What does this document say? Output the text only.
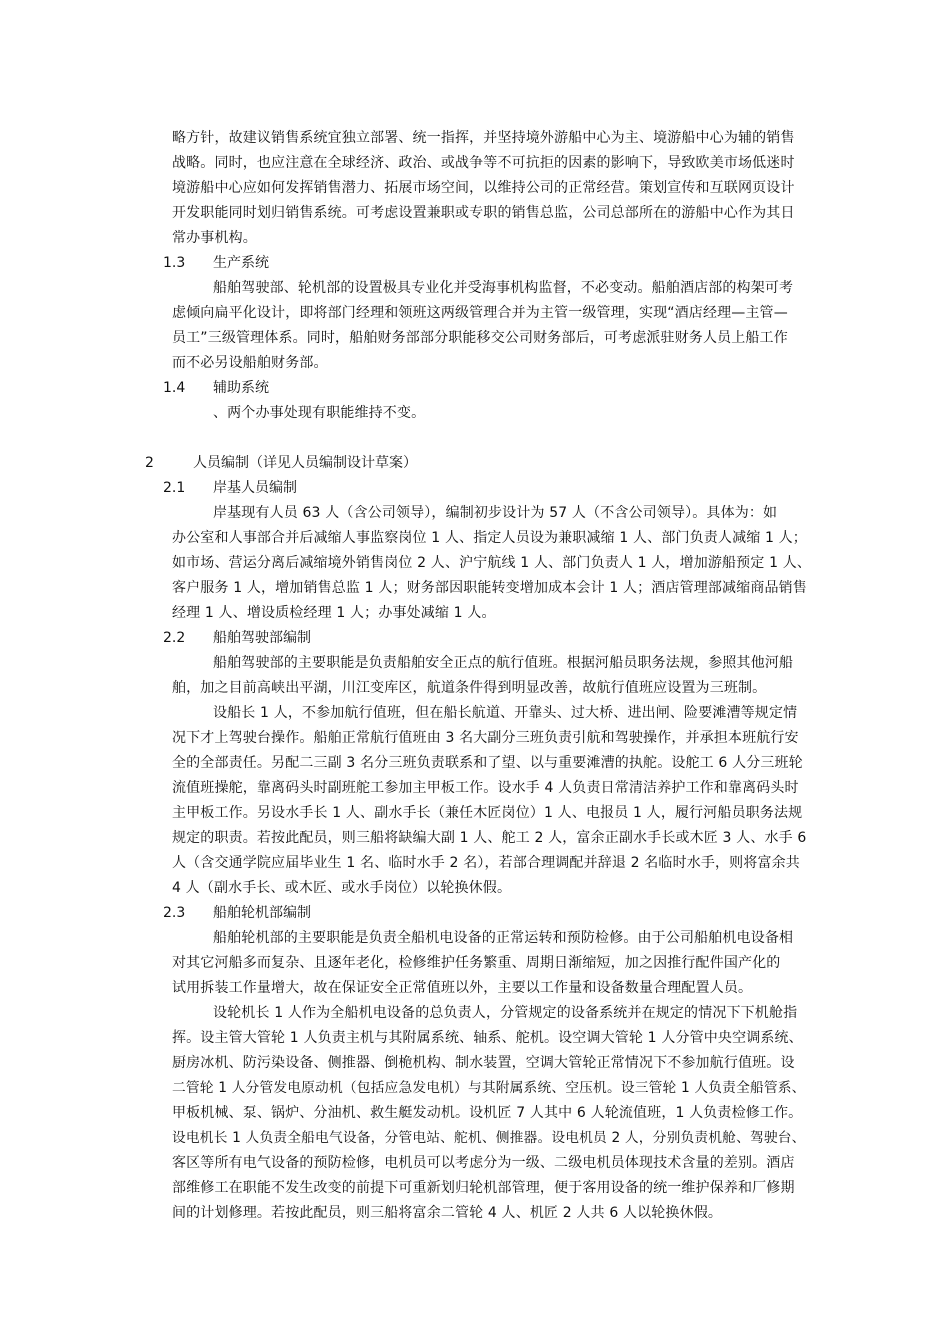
略方针，故建议销售系统宜独立部署、统一指挥，并坚持境外游船中心为主、境游船中心为辅的销售
战略。同时，也应注意在全球经济、政治、或战争等不可抗拒的因素的影响下，导致欧美市场低迷时
境游船中心应如何发挥销售潜力、拓展市场空间，以维持公司的正常经营。策划宣传和互联网页设计
开发职能同时划归销售系统。可考虑设置兼职或专职的销售总监，公司总部所在的游船中心作为其日
常办事机构。
1.3 生产系统
船舶驾驶部、轮机部的设置极具专业化并受海事机构监督，不必变动。船舶酒店部的构架可考
虑倾向扁平化设计，即将部门经理和领班这两级管理合并为主管一级管理，实现“酒店经理—主管—
员工”三级管理体系。同时，船舶财务部部分职能移交公司财务部后，可考虑派驻财务人员上船工作
而不必另设船舶财务部。
1.4 辅助系统
、两个办事处现有职能维持不变。
2	人员编制（详见人员编制设计草案）
2.1 岸基人员编制
岸基现有人员 63 人（含公司领导），编制初步设计为 57 人（不含公司领导）。具体为：如
办公室和人事部合并后减缩人事监察岗位 1 人、指定人员设为兼职减缩 1 人、部门负责人减缩 1 人；
如市场、营运分离后减缩境外销售岗位 2 人、沪宁航线 1 人、部门负责人 1 人，增加游船预定 1 人、
客户服务 1 人，增加销售总监 1 人；财务部因职能转变增加成本会计 1 人；酒店管理部减缩商品销售
经理 1 人、增设质检经理 1 人；办事处减缩 1 人。
2.2 船舶驾驶部编制
船舶驾驶部的主要职能是负责船舶安全正点的航行值班。根据河船员职务法规，参照其他河船
舶，加之目前高峡出平湖，川江变库区，航道条件得到明显改善，故航行值班应设置为三班制。
设船长 1 人，不参加航行值班，但在船长航道、开靠头、过大桥、进出闸、险要滩漕等规定情
况下才上驾驶台操作。船舶正常航行值班由 3 名大副分三班负责引航和驾驶操作，并承担本班航行安
全的全部责任。另配二三副 3 名分三班负责联系和了望、以与重要滩漕的执舵。设舵工 6 人分三班轮
流值班操舵，靠离码头时副班舵工参加主甲板工作。设水手 4 人负责日常清洁养护工作和靠离码头时
主甲板工作。另设水手长 1 人、副水手长（兼任木匠岗位）1 人、电报员 1 人，履行河船员职务法规
规定的职责。若按此配员，则三船将缺编大副 1 人、舵工 2 人，富余正副水手长或木匠 3 人、水手 6
人（含交通学院应届毕业生 1 名、临时水手 2 名），若部合理调配并辞退 2 名临时水手，则将富余共
4 人（副水手长、或木匠、或水手岗位）以轮换休假。
2.3 船舶轮机部编制
船舶轮机部的主要职能是负责全船机电设备的正常运转和预防检修。由于公司船舶机电设备相
对其它河船多而复杂、且逐年老化，检修维护任务繁重、周期日渐缩短，加之因推行配件国产化的
试用拆装工作量增大，故在保证安全正常值班以外，主要以工作量和设备数量合理配置人员。
设轮机长 1 人作为全船机电设备的总负责人，分管规定的设备系统并在规定的情况下下机舱指
挥。设主管大管轮 1 人负责主机与其附属系统、轴系、舵机。设空调大管轮 1 人分管中央空调系统、
厨房冰机、防污染设备、侧推器、倒桅机构、制水装置，空调大管轮正常情况下不参加航行值班。设
二管轮 1 人分管发电原动机（包括应急发电机）与其附属系统、空压机。设三管轮 1 人负责全船管系、
甲板机械、泵、锅炉、分油机、救生艇发动机。设机匠 7 人其中 6 人轮流值班，1 人负责检修工作。
设电机长 1 人负责全船电气设备，分管电站、舵机、侧推器。设电机员 2 人，分别负责机舱、驾驶台、
客区等所有电气设备的预防检修，电机员可以考虑分为一级、二级电机员体现技术含量的差别。酒店
部维修工在职能不发生改变的前提下可重新划归轮机部管理，便于客用设备的统一维护保养和厂修期
间的计划修理。若按此配员，则三船将富余二管轮 4 人、机匠 2 人共 6 人以轮换休假。
